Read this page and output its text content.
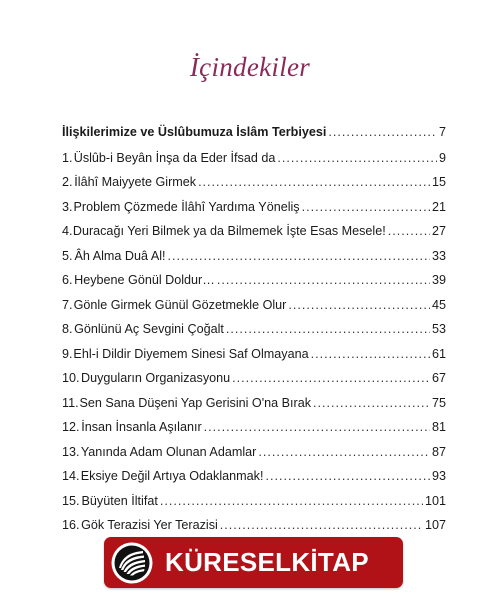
İçindekiler
İlişkilerimize ve Üslûbumuza İslâm Terbiyesi .....	7
1. Üslûb-i Beyân İnşa da Eder İfsad da .....	9
2. İlâhî Maiyyete Girmek .....	15
3. Problem Çözmede İlâhî Yardıma Yöneliş .....	21
4. Duracağı Yeri Bilmek ya da Bilmemek İşte Esas Mesele! .....	27
5. Âh Alma Duâ Al! .....	33
6. Heybene Gönül Doldur… .....	39
7. Gönle Girmek Günül Gözetmekle Olur .....	45
8. Gönlünü Aç Sevgini Çoğalt .....	53
9. Ehl-i Dildir Diyemem Sinesi Saf Olmayana .....	61
10. Duyguların Organizasyonu .....	67
11. Sen Sana Düşeni Yap Gerisini O'na Bırak .....	75
12. İnsan İnsanla Aşılanır .....	81
13. Yanında Adam Olunan Adamlar .....	87
14. Eksiye Değil Artıya Odaklanmak! .....	93
15. Büyüten İltifat .....	101
16. Gök Terazisi Yer Terazisi .....	107
KÜRESELKİTAP
